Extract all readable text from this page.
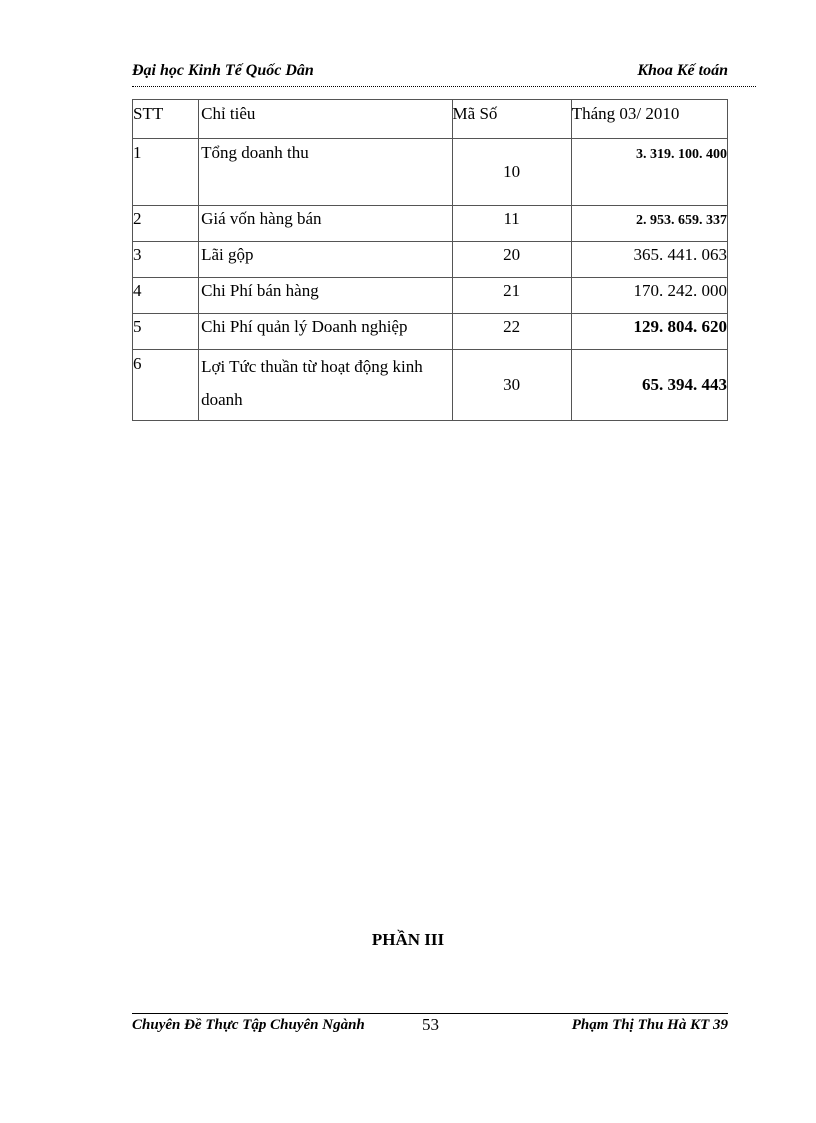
Đại học Kinh Tế Quốc Dân	Khoa Kế toán
STT	Chỉ tiêu	Mã Số	Tháng 03/ 2010
1	Tổng doanh thu	10	3. 319. 100. 400
2	Giá vốn hàng bán	11	2. 953. 659. 337
3	Lãi gộp	20	365. 441. 063
4	Chi Phí bán hàng	21	170. 242. 000
5	Chi Phí quản lý Doanh nghiệp	22	129. 804. 620
6	Lợi Tức thuần từ hoạt động kinh doanh	30	65. 394. 443
PHẦN III
Chuyên Đề Thực Tập Chuyên Ngành	53	Phạm Thị Thu Hà KT 39
